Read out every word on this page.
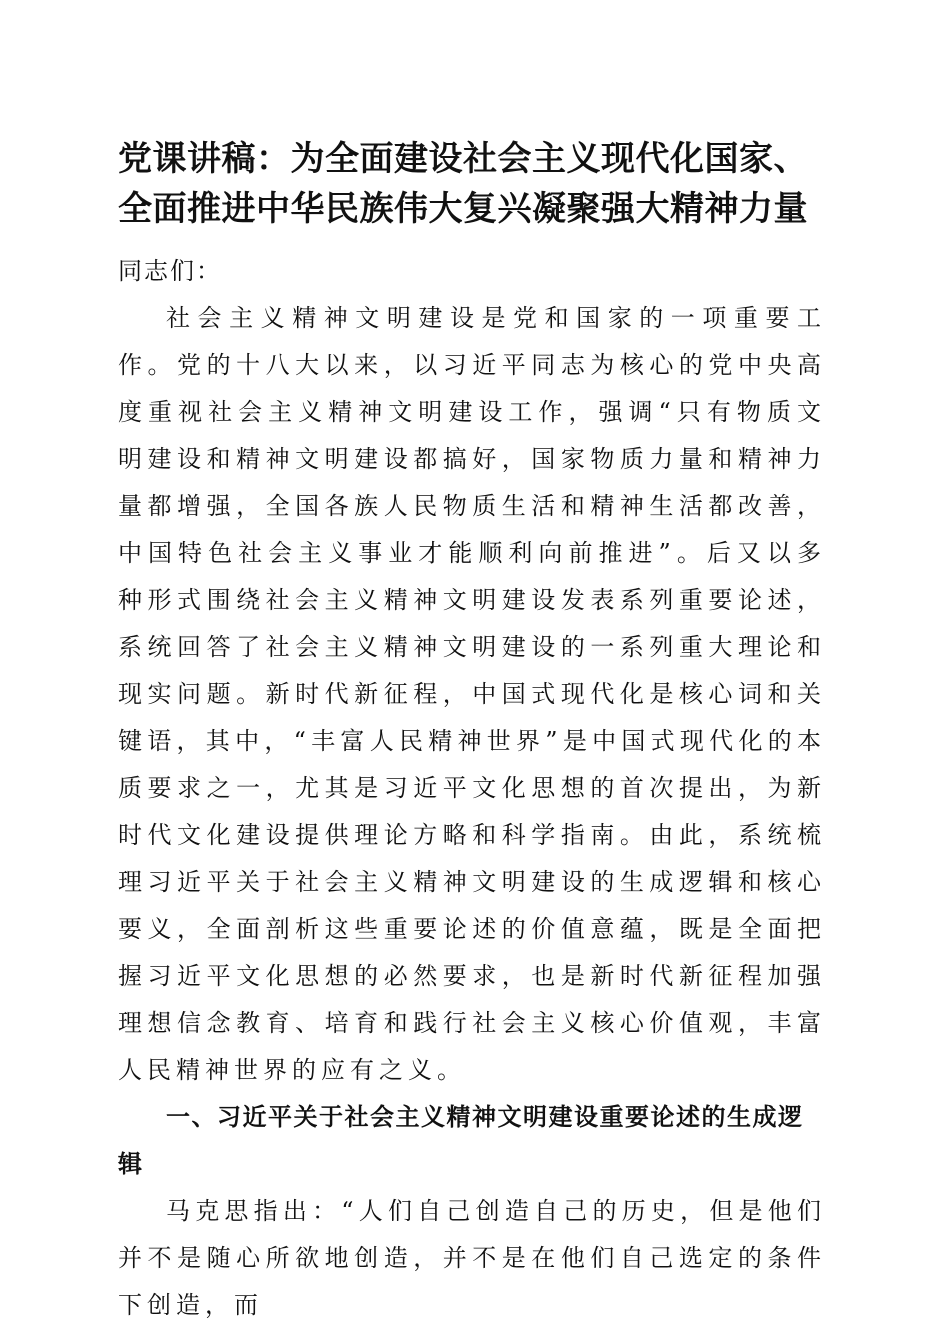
党课讲稿：为全面建设社会主义现代化国家、
全面推进中华民族伟大复兴凝聚强大精神力量

同志们：

社会主义精神文明建设是党和国家的一项重要工作。党的十八大以来，以习近平同志为核心的党中央高度重视社会主义精神文明建设工作，强调“只有物质文明建设和精神文明建设都搞好，国家物质力量和精神力量都增强，全国各族人民物质生活和精神生活都改善，中国特色社会主义事业才能顺利向前推进”。后又以多种形式围绕社会主义精神文明建设发表系列重要论述，系统回答了社会主义精神文明建设的一系列重大理论和现实问题。新时代新征程，中国式现代化是核心词和关键语，其中，“丰富人民精神世界”是中国式现代化的本质要求之一，尤其是习近平文化思想的首次提出，为新时代文化建设提供理论方略和科学指南。由此，系统梳理习近平关于社会主义精神文明建设的生成逻辑和核心要义，全面剖析这些重要论述的价值意蕴，既是全面把握习近平文化思想的必然要求，也是新时代新征程加强理想信念教育、培育和践行社会主义核心价值观，丰富人民精神世界的应有之义。

一、习近平关于社会主义精神文明建设重要论述的生成逻辑

马克思指出：“人们自己创造自己的历史，但是他们并不是随心所欲地创造，并不是在他们自己选定的条件下创造，而
